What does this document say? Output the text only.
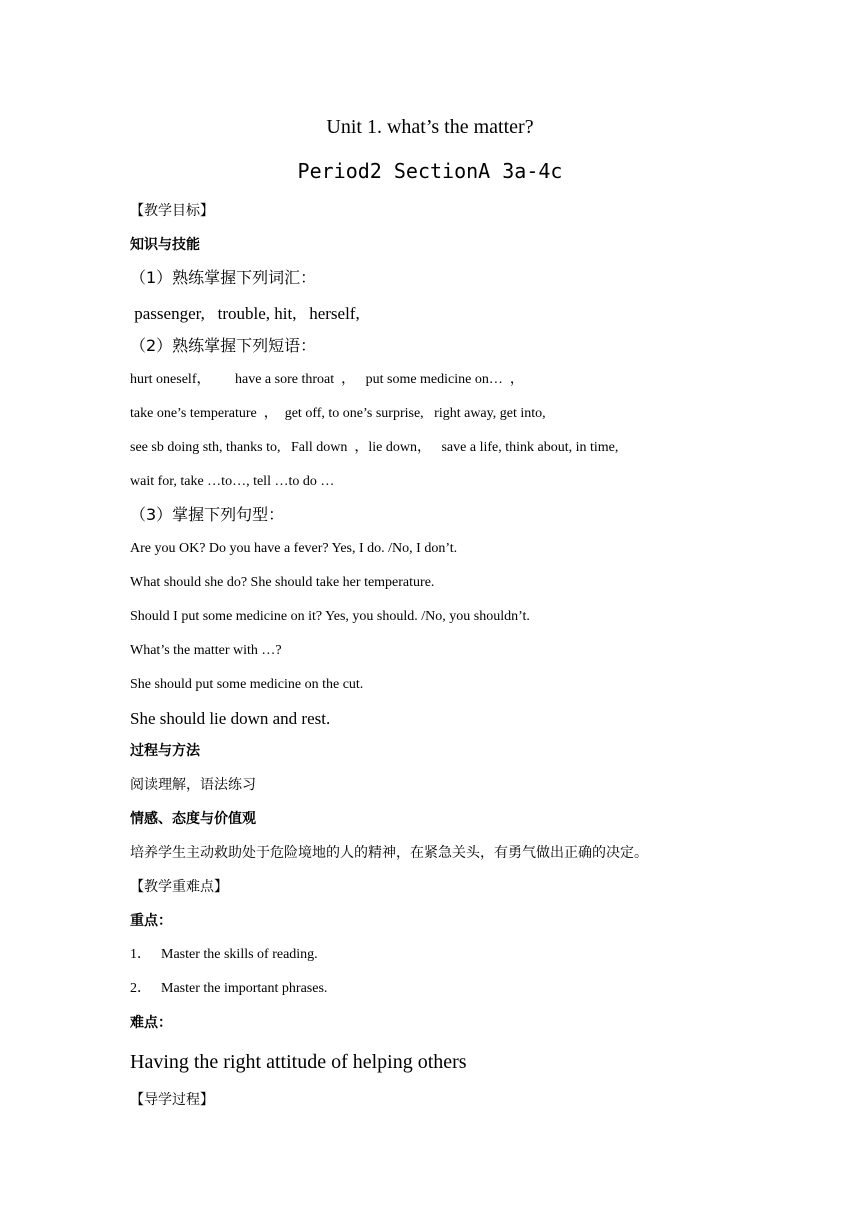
Unit 1. what’s the matter?
Period2 SectionA 3a-4c
【教学目标】
知识与技能
（1）熟练掌握下列词汇：
passenger,   trouble, hit,   herself,
（2）熟练掌握下列短语：
hurt oneself，       have a sore throat  ，   put some medicine on…  ，
take one’s temperature  ，  get off, to one’s surprise,   right away, get into,
see sb doing sth, thanks to,   Fall down  ，lie down，   save a life, think about, in time,
wait for, take …to…, tell …to do …
（3）掌握下列句型：
Are you OK? Do you have a fever? Yes, I do. /No, I don’t.
What should she do? She should take her temperature.
Should I put some medicine on it? Yes, you should. /No, you shouldn’t.
What’s the matter with …?
She should put some medicine on the cut.
She should lie down and rest.
过程与方法
阅读理解，语法练习
情感、态度与价值观
培养学生主动救助处于危险境地的人的精神，在紧急关头，有勇气做出正确的决定。
【教学重难点】
重点：
1． Master the skills of reading.
2． Master the important phrases.
难点：
Having the right attitude of helping others
【导学过程】
